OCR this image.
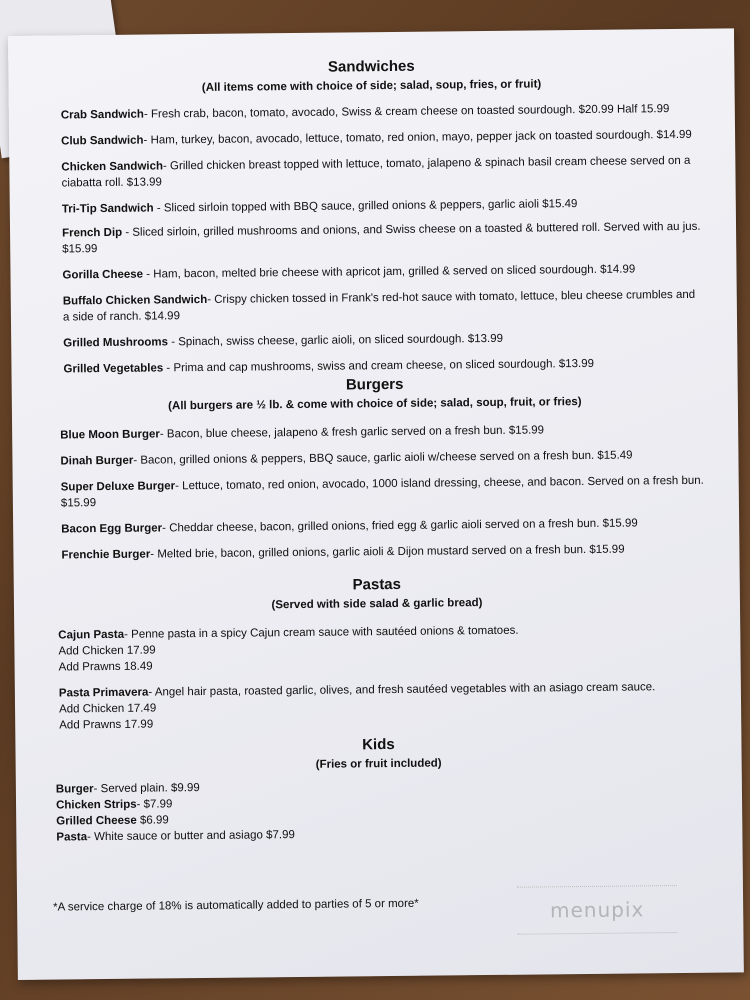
Sandwiches

(All items come with choice of side; salad, soup, fries, or fruit)

Crab Sandwich- Fresh crab, bacon, tomato, avocado, Swiss & cream cheese on toasted sourdough. $20.99 Half 15.99
Club Sandwich- Ham, turkey, bacon, avocado, lettuce, tomato, red onion, mayo, pepper jack on toasted sourdough. $14.99
Chicken Sandwich- Grilled chicken breast topped with lettuce, tomato, jalapeno & spinach basil cream cheese served on a ciabatta roll. $13.99
Tri-Tip Sandwich - Sliced sirloin topped with BBQ sauce, grilled onions & peppers, garlic aioli $15.49
French Dip - Sliced sirloin, grilled mushrooms and onions, and Swiss cheese on a toasted & buttered roll. Served with au jus. $15.99
Gorilla Cheese - Ham, bacon, melted brie cheese with apricot jam, grilled & served on sliced sourdough. $14.99
Buffalo Chicken Sandwich- Crispy chicken tossed in Frank's red-hot sauce with tomato, lettuce, bleu cheese crumbles and a side of ranch. $14.99
Grilled Mushrooms - Spinach, swiss cheese, garlic aioli, on sliced sourdough. $13.99
Grilled Vegetables - Prima and cap mushrooms, swiss and cream cheese, on sliced sourdough. $13.99
Burgers

(All burgers are ½ lb. & come with choice of side; salad, soup, fruit, or fries)

Blue Moon Burger- Bacon, blue cheese, jalapeno & fresh garlic served on a fresh bun. $15.99
Dinah Burger- Bacon, grilled onions & peppers, BBQ sauce, garlic aioli w/cheese served on a fresh bun. $15.49
Super Deluxe Burger- Lettuce, tomato, red onion, avocado, 1000 island dressing, cheese, and bacon. Served on a fresh bun. $15.99
Bacon Egg Burger- Cheddar cheese, bacon, grilled onions, fried egg & garlic aioli served on a fresh bun. $15.99
Frenchie Burger- Melted brie, bacon, grilled onions, garlic aioli & Dijon mustard served on a fresh bun. $15.99
Pastas

(Served with side salad & garlic bread)

Cajun Pasta- Penne pasta in a spicy Cajun cream sauce with sautéed onions & tomatoes.
Add Chicken 17.99
Add Prawns 18.49
Pasta Primavera- Angel hair pasta, roasted garlic, olives, and fresh sautéed vegetables with an asiago cream sauce.
Add Chicken 17.49
Add Prawns 17.99
Kids

(Fries or fruit included)

Burger- Served plain. $9.99
Chicken Strips- $7.99
Grilled Cheese $6.99
Pasta- White sauce or butter and asiago $7.99
*A service charge of 18% is automatically added to parties of 5 or more*	menupix
